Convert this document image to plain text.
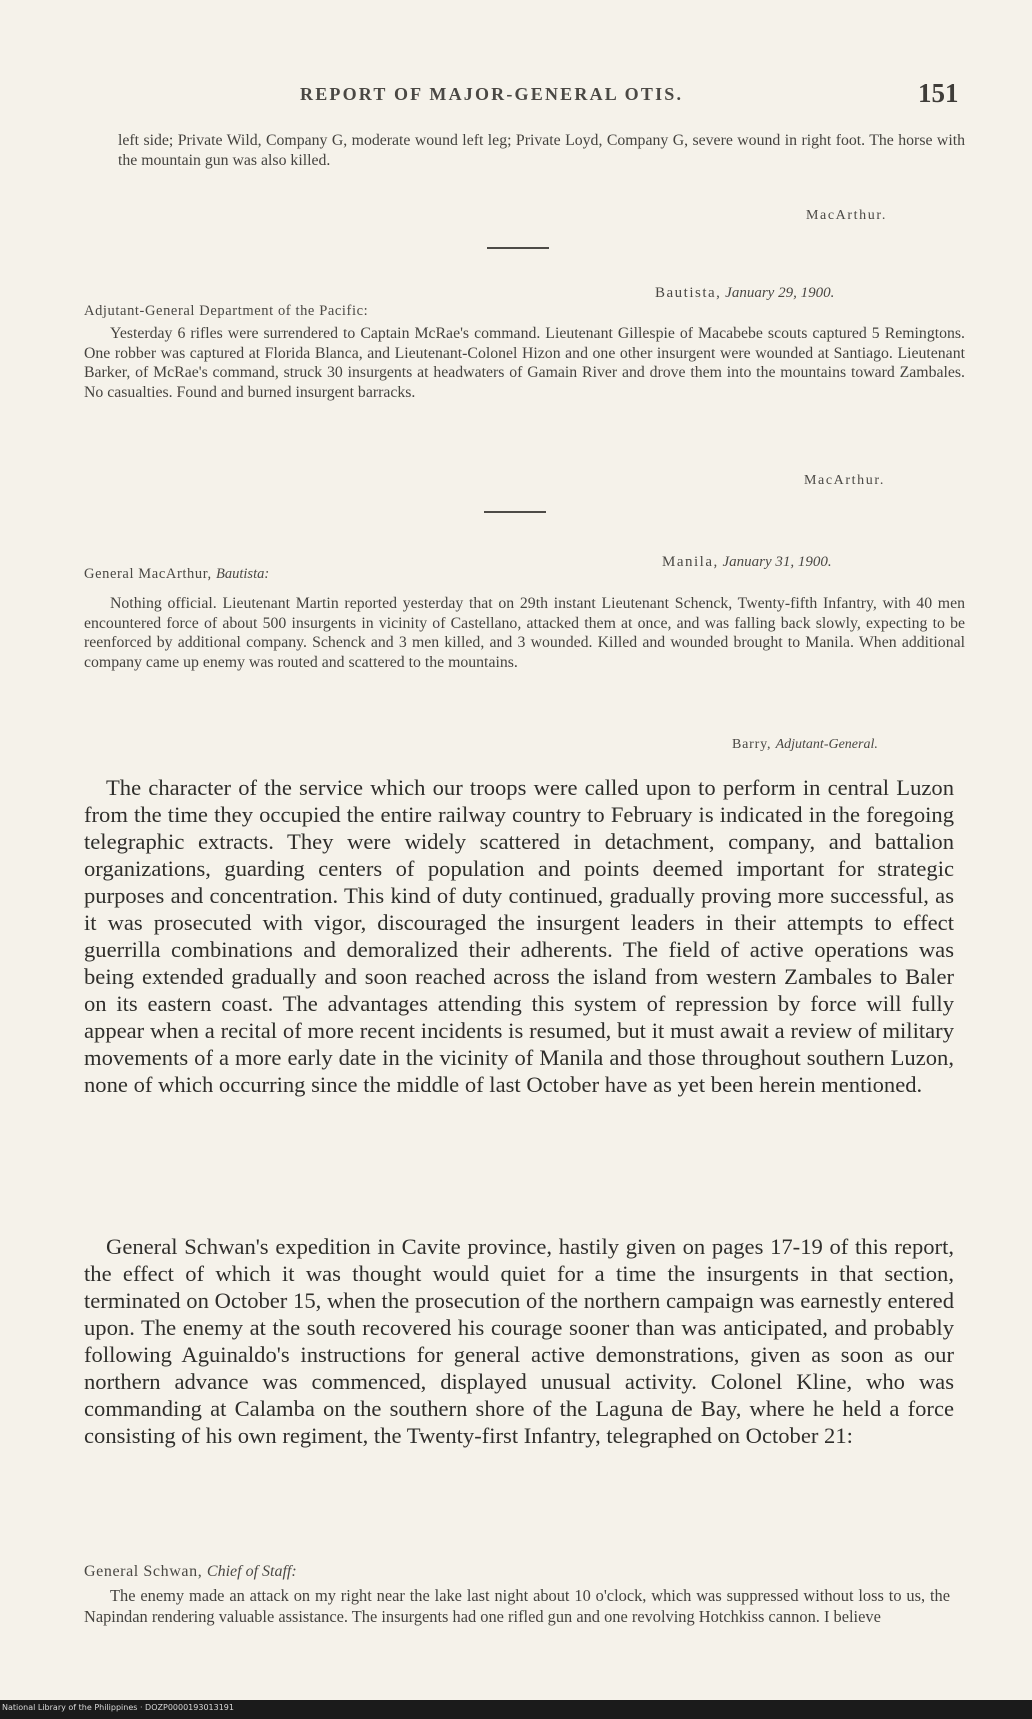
REPORT OF MAJOR-GENERAL OTIS.	151

left side; Private Wild, Company G, moderate wound left leg; Private Loyd, Company G, severe wound in right foot. The horse with the mountain gun was also killed.

MacArthur.
Bautista, January 29, 1900.
Adjutant-General Department of the Pacific:

Yesterday 6 rifles were surrendered to Captain McRae's command. Lieutenant Gillespie of Macabebe scouts captured 5 Remingtons. One robber was captured at Florida Blanca, and Lieutenant-Colonel Hizon and one other insurgent were wounded at Santiago. Lieutenant Barker, of McRae's command, struck 30 insurgents at headwaters of Gamain River and drove them into the mountains toward Zambales. No casualties. Found and burned insurgent barracks.

MacArthur.
Manila, January 31, 1900.
General MacArthur, Bautista:

Nothing official. Lieutenant Martin reported yesterday that on 29th instant Lieutenant Schenck, Twenty-fifth Infantry, with 40 men encountered force of about 500 insurgents in vicinity of Castellano, attacked them at once, and was falling back slowly, expecting to be reenforced by additional company. Schenck and 3 men killed, and 3 wounded. Killed and wounded brought to Manila. When additional company came up enemy was routed and scattered to the mountains.

Barry, Adjutant-General.

The character of the service which our troops were called upon to perform in central Luzon from the time they occupied the entire railway country to February is indicated in the foregoing telegraphic extracts. They were widely scattered in detachment, company, and battalion organizations, guarding centers of population and points deemed important for strategic purposes and concentration. This kind of duty continued, gradually proving more successful, as it was prosecuted with vigor, discouraged the insurgent leaders in their attempts to effect guerrilla combinations and demoralized their adherents. The field of active operations was being extended gradually and soon reached across the island from western Zambales to Baler on its eastern coast. The advantages attending this system of repression by force will fully appear when a recital of more recent incidents is resumed, but it must await a review of military movements of a more early date in the vicinity of Manila and those throughout southern Luzon, none of which occurring since the middle of last October have as yet been herein mentioned.

General Schwan's expedition in Cavite province, hastily given on pages 17-19 of this report, the effect of which it was thought would quiet for a time the insurgents in that section, terminated on October 15, when the prosecution of the northern campaign was earnestly entered upon. The enemy at the south recovered his courage sooner than was anticipated, and probably following Aguinaldo's instructions for general active demonstrations, given as soon as our northern advance was commenced, displayed unusual activity. Colonel Kline, who was commanding at Calamba on the southern shore of the Laguna de Bay, where he held a force consisting of his own regiment, the Twenty-first Infantry, telegraphed on October 21:

General Schwan, Chief of Staff:

The enemy made an attack on my right near the lake last night about 10 o'clock, which was suppressed without loss to us, the Napindan rendering valuable assistance. The insurgents had one rifled gun and one revolving Hotchkiss cannon. I believe

National Library of the Philippines · DOZP0000193013191
